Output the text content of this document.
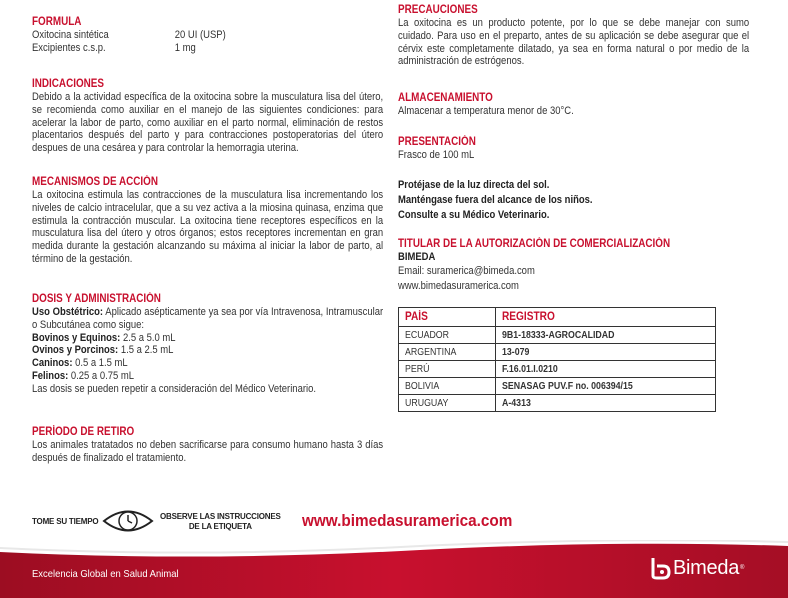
FORMULA
Oxitocina sintética	20 UI (USP)
Excipientes c.s.p.	1 mg
INDICACIONES
Debido a la actividad específica de la oxitocina sobre la musculatura lisa del útero, se recomienda como auxiliar en el manejo de las siguientes condiciones: para acelerar la labor de parto, como auxiliar en el parto normal, eliminación de restos placentarios después del parto y para contracciones postoperatorias del útero despues de una cesárea y para controlar la hemorragia uterina.
MECANISMOS DE ACCIÓN
La oxitocina estimula las contracciones de la musculatura lisa incrementando los niveles de calcio intracelular, que a su vez activa a la miosina quinasa, enzima que estimula la contracción muscular. La oxitocina tiene receptores específicos en la musculatura lisa del útero y otros órganos; estos receptores incrementan en gran medida durante la gestación alcanzando su máxima al iniciar la labor de parto, al término de la gestación.
DOSIS Y ADMINISTRACIÓN
Uso Obstétrico: Aplicado asépticamente ya sea por vía Intravenosa, Intramuscular o Subcutánea como sigue:
Bovinos y Equinos: 2.5 a 5.0 mL
Ovinos y Porcinos: 1.5 a 2.5 mL
Caninos: 0.5 a 1.5 mL
Felinos: 0.25 a 0.75 mL
Las dosis se pueden repetir a consideración del Médico Veterinario.
PERÍODO DE RETIRO
Los animales tratatados no deben sacrificarse para consumo humano hasta 3 días después de finalizado el tratamiento.
PRECAUCIONES
La oxitocina es un producto potente, por lo que se debe manejar con sumo cuidado. Para uso en el preparto, antes de su aplicación se debe asegurar que el cérvix este completamente dilatado, ya sea en forma natural o por medio de la administración de estrógenos.
ALMACENAMIENTO
Almacenar a temperatura menor de 30°C.
PRESENTACIÓN
Frasco de 100 mL
Protéjase de la luz directa del sol.
Manténgase fuera del alcance de los niños.
Consulte a su Médico Veterinario.
TITULAR DE LA AUTORIZACIÓN DE COMERCIALIZACIÓN
BIMEDA
Email: suramerica@bimeda.com
www.bimedasuramerica.com
PAÍS	REGISTRO
ECUADOR	9B1-18333-AGROCALIDAD
ARGENTINA	13-079
PERÚ	F.16.01.I.0210
BOLIVIA	SENASAG PUV.F no. 006394/15
URUGUAY	A-4313
TOME SU TIEMPO
OBSERVE LAS INSTRUCCIONES
DE LA ETIQUETA	www.bimedasuramerica.com
Excelencia Global en Salud Animal	Bimeda ®
